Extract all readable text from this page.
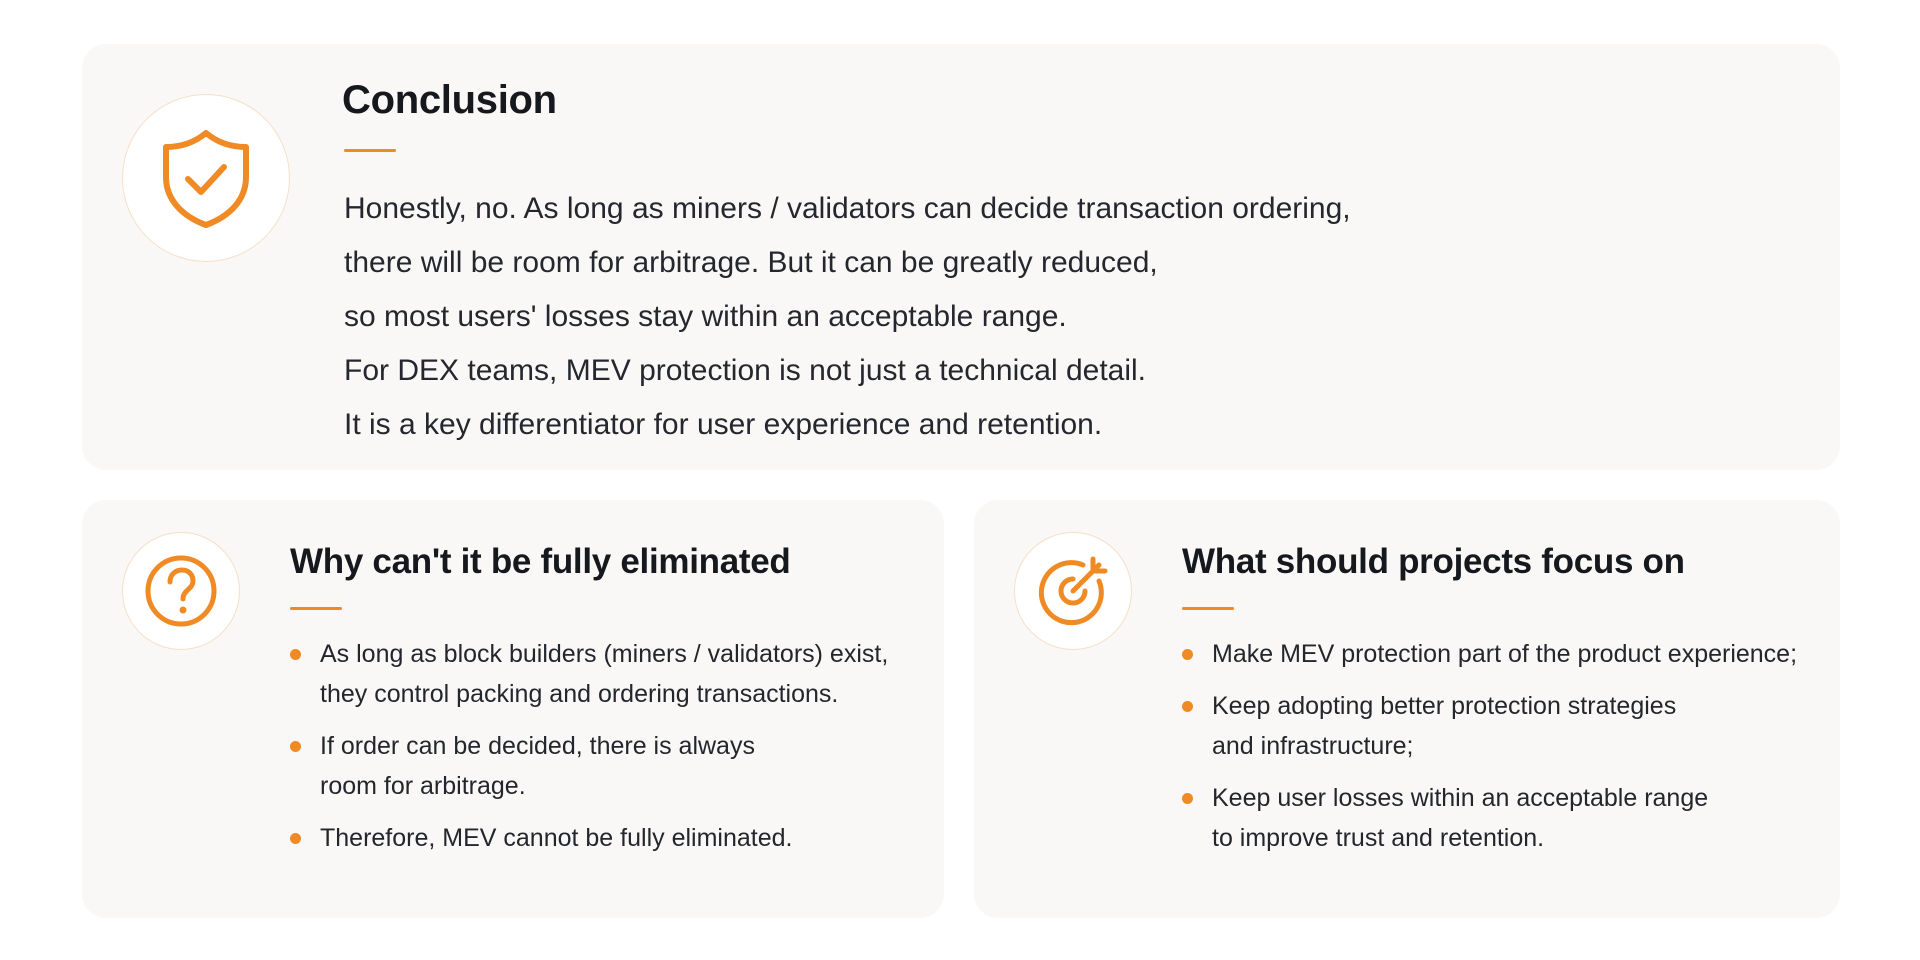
Conclusion
Honestly, no. As long as miners / validators can decide transaction ordering,
there will be room for arbitrage. But it can be greatly reduced,
so most users' losses stay within an acceptable range.
For DEX teams, MEV protection is not just a technical detail.
It is a key differentiator for user experience and retention.
Why can't it be fully eliminated
As long as block builders (miners / validators) exist,
they control packing and ordering transactions.
If order can be decided, there is always
room for arbitrage.
Therefore, MEV cannot be fully eliminated.
What should projects focus on
Make MEV protection part of the product experience;
Keep adopting better protection strategies
and infrastructure;
Keep user losses within an acceptable range
to improve trust and retention.
